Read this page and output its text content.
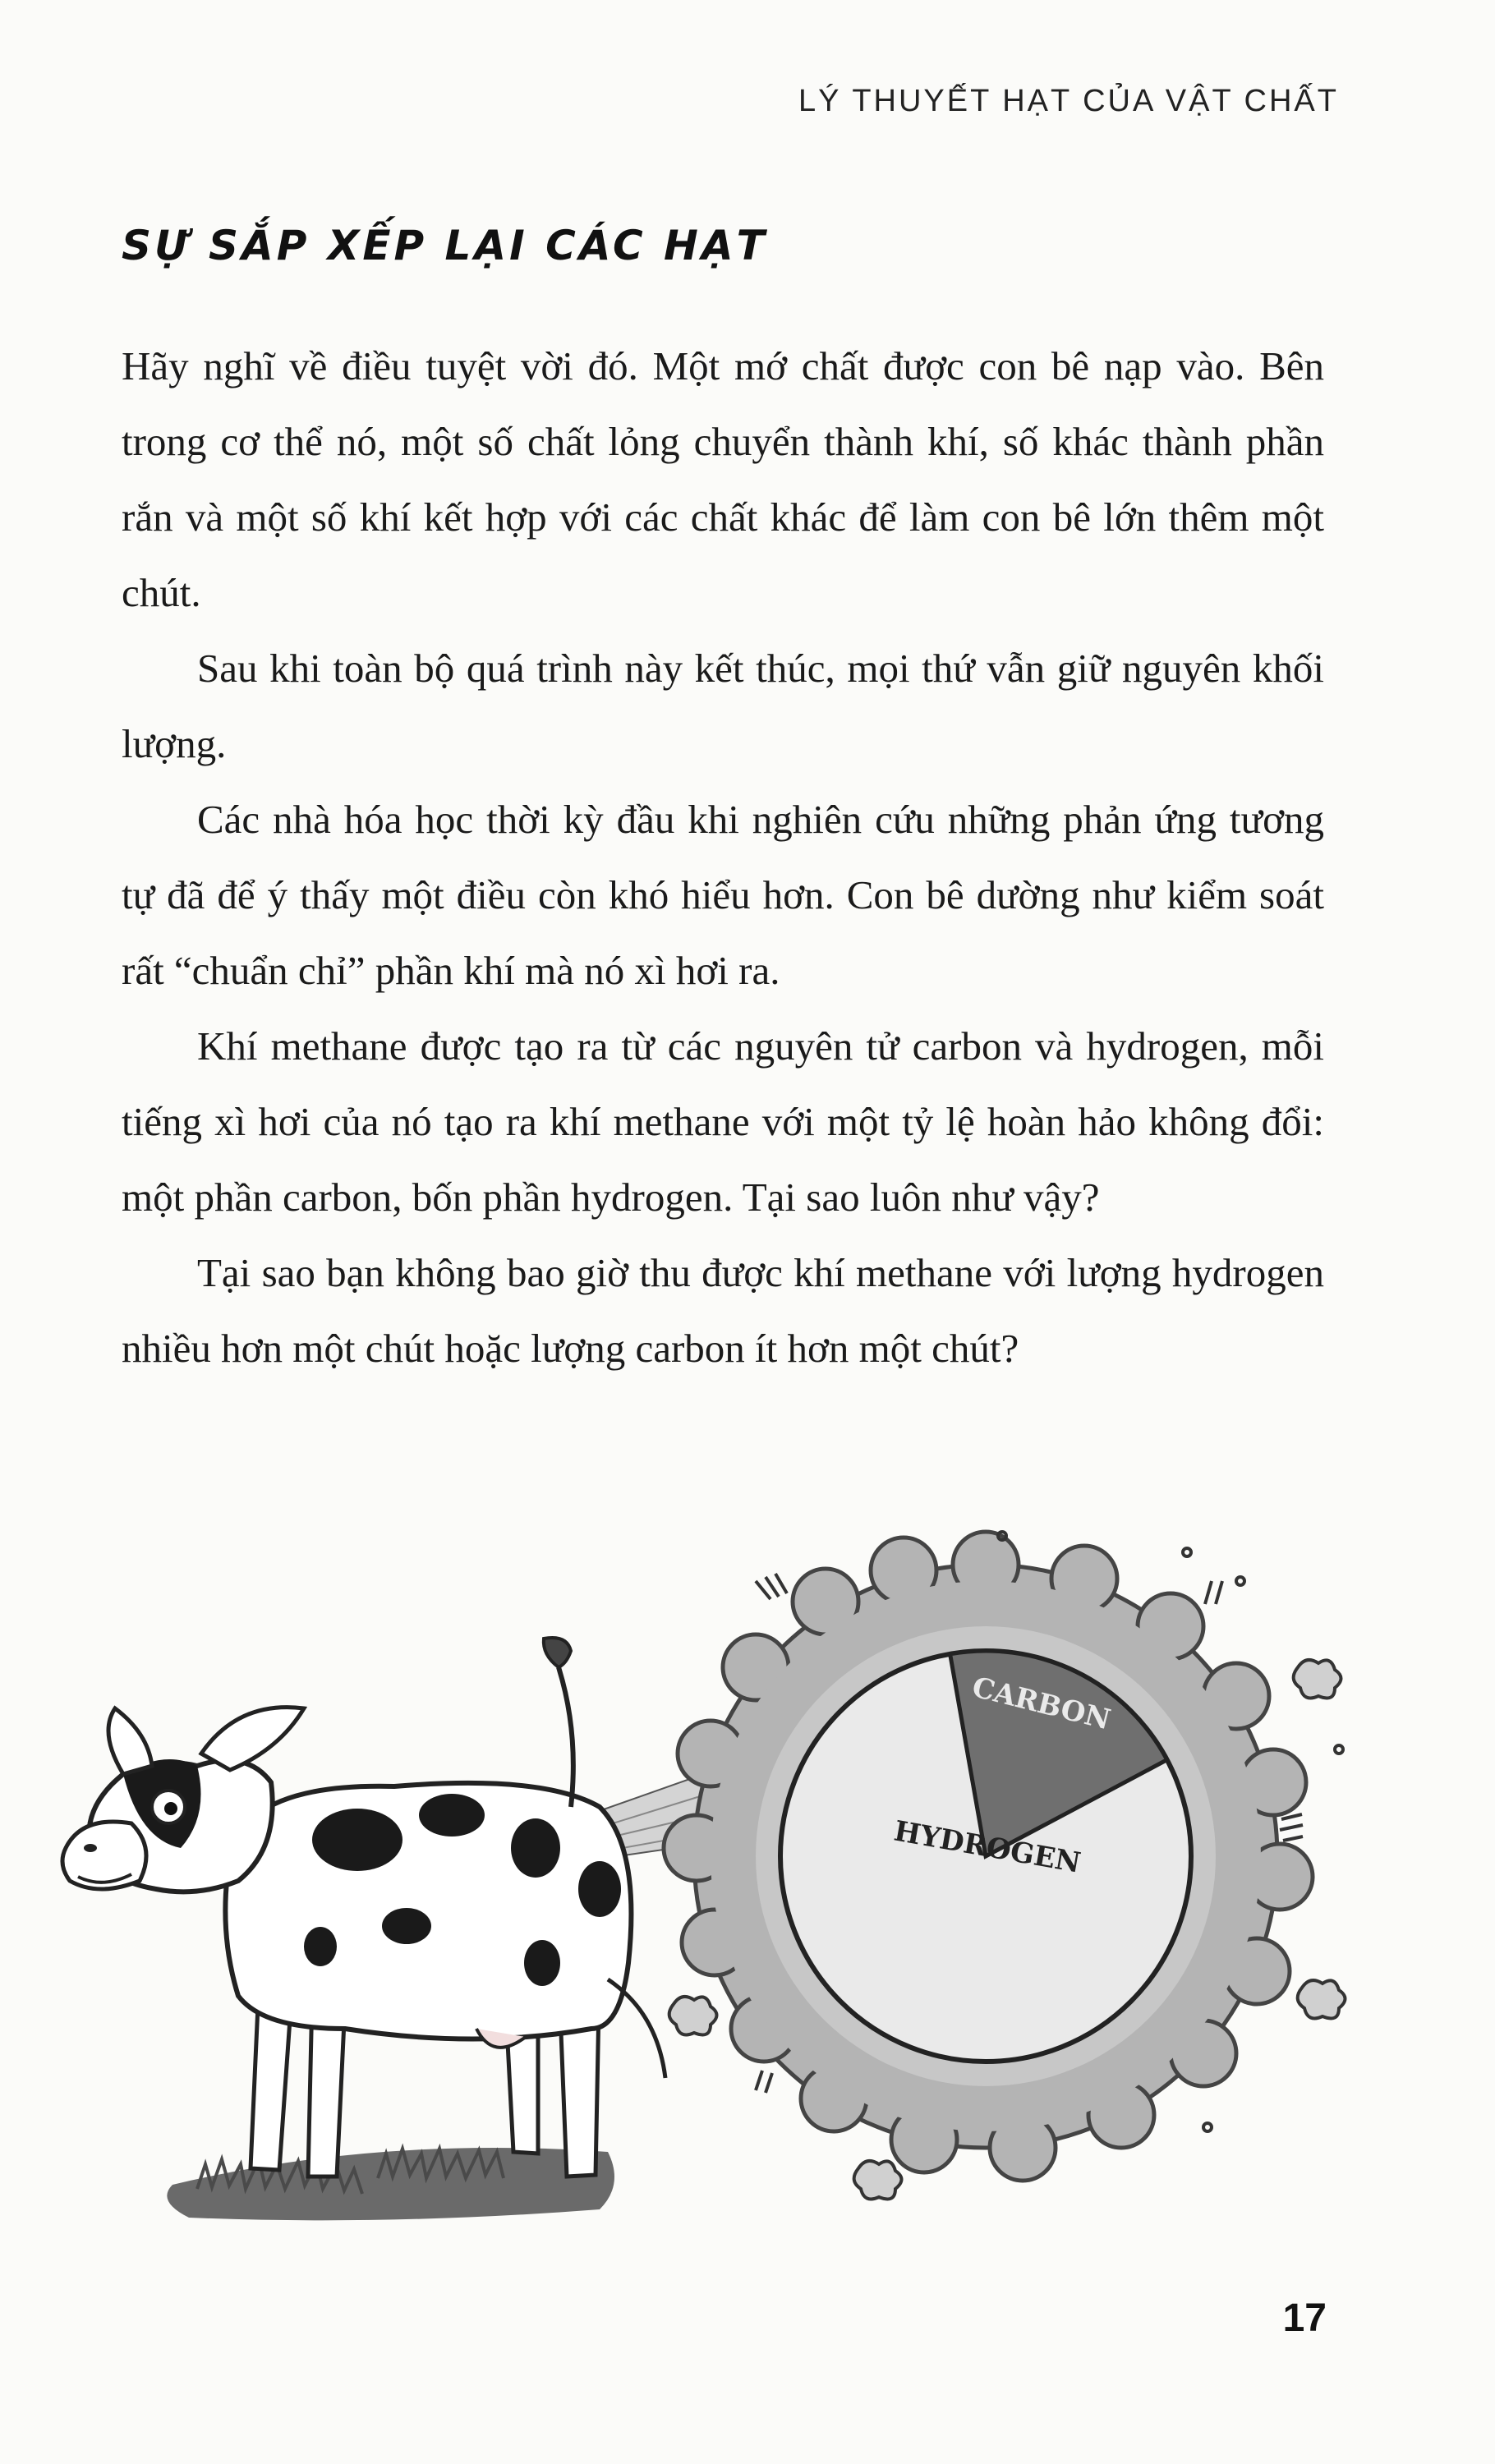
LÝ THUYẾT HẠT CỦA VẬT CHẤT
SỰ SẮP XẾP LẠI CÁC HẠT

Hãy nghĩ về điều tuyệt vời đó. Một mớ chất được con bê nạp vào. Bên trong cơ thể nó, một số chất lỏng chuyển thành khí, số khác thành phần rắn và một số khí kết hợp với các chất khác để làm con bê lớn thêm một chút.

Sau khi toàn bộ quá trình này kết thúc, mọi thứ vẫn giữ nguyên khối lượng.

Các nhà hóa học thời kỳ đầu khi nghiên cứu những phản ứng tương tự đã để ý thấy một điều còn khó hiểu hơn. Con bê dường như kiểm soát rất “chuẩn chỉ” phần khí mà nó xì hơi ra.

Khí methane được tạo ra từ các nguyên tử carbon và hydrogen, mỗi tiếng xì hơi của nó tạo ra khí methane với một tỷ lệ hoàn hảo không đổi: một phần carbon, bốn phần hydrogen. Tại sao luôn như vậy?

Tại sao bạn không bao giờ thu được khí methane với lượng hydrogen nhiều hơn một chút hoặc lượng carbon ít hơn một chút?

CARBON
HYDROGEN
17
